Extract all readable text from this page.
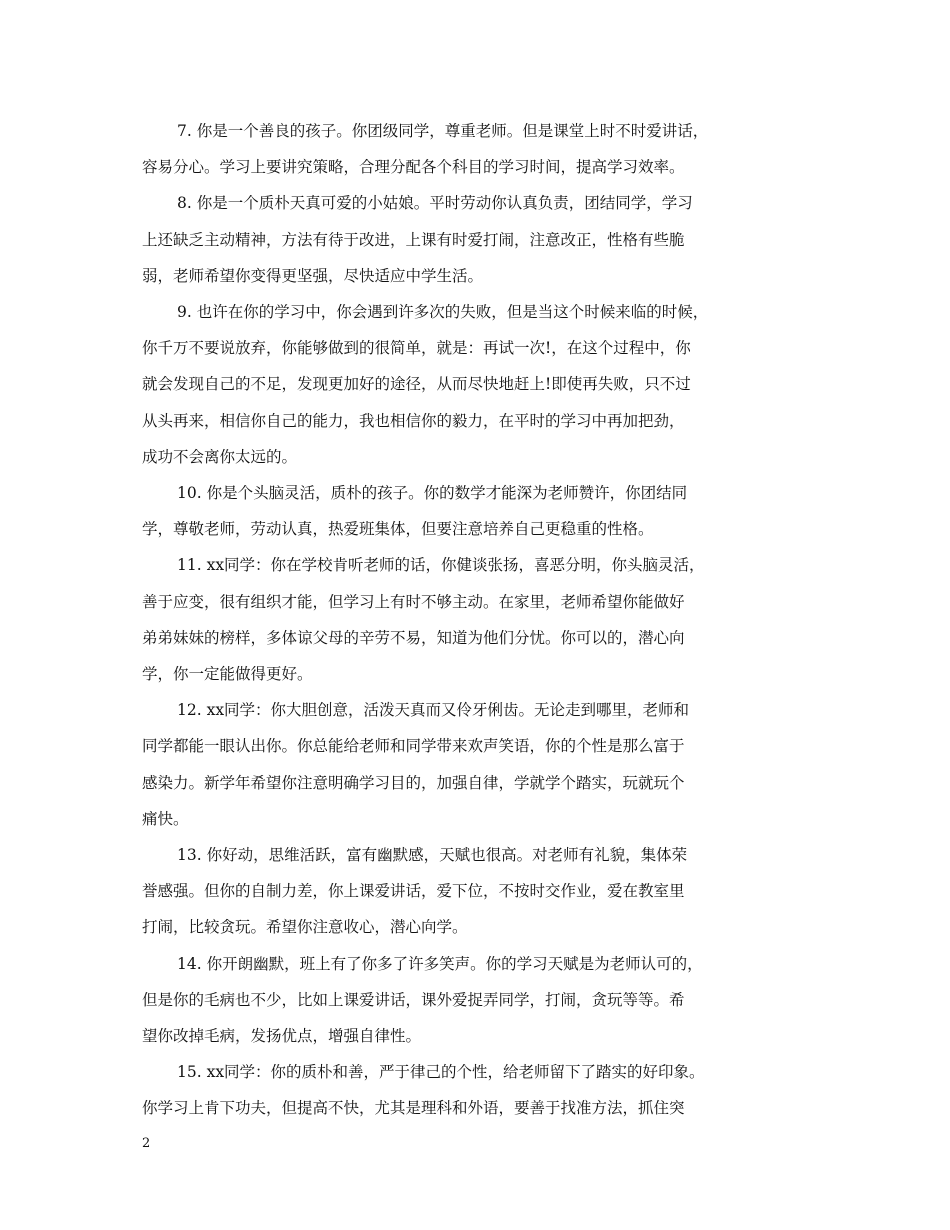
7. 你是一个善良的孩子。你团级同学，尊重老师。但是课堂上时不时爱讲话，
容易分心。学习上要讲究策略，合理分配各个科目的学习时间，提高学习效率。

8. 你是一个质朴天真可爱的小姑娘。平时劳动你认真负责，团结同学，学习
上还缺乏主动精神，方法有待于改进，上课有时爱打闹，注意改正，性格有些脆
弱，老师希望你变得更坚强，尽快适应中学生活。

9. 也许在你的学习中，你会遇到许多次的失败，但是当这个时候来临的时候，
你千万不要说放弃，你能够做到的很简单，就是：再试一次!，在这个过程中，你
就会发现自己的不足，发现更加好的途径，从而尽快地赶上!即使再失败，只不过
从头再来，相信你自己的能力，我也相信你的毅力，在平时的学习中再加把劲，
成功不会离你太远的。

10. 你是个头脑灵活，质朴的孩子。你的数学才能深为老师赞许，你团结同
学，尊敬老师，劳动认真，热爱班集体，但要注意培养自己更稳重的性格。

11. xx同学：你在学校肯听老师的话，你健谈张扬，喜恶分明，你头脑灵活，
善于应变，很有组织才能，但学习上有时不够主动。在家里，老师希望你能做好
弟弟妹妹的榜样，多体谅父母的辛劳不易，知道为他们分忧。你可以的，潜心向
学，你一定能做得更好。

12. xx同学：你大胆创意，活泼天真而又伶牙俐齿。无论走到哪里，老师和
同学都能一眼认出你。你总能给老师和同学带来欢声笑语，你的个性是那么富于
感染力。新学年希望你注意明确学习目的，加强自律，学就学个踏实，玩就玩个
痛快。

13. 你好动，思维活跃，富有幽默感，天赋也很高。对老师有礼貌，集体荣
誉感强。但你的自制力差，你上课爱讲话，爱下位，不按时交作业，爱在教室里
打闹，比较贪玩。希望你注意收心，潜心向学。

14. 你开朗幽默，班上有了你多了许多笑声。你的学习天赋是为老师认可的，
但是你的毛病也不少，比如上课爱讲话，课外爱捉弄同学，打闹，贪玩等等。希
望你改掉毛病，发扬优点，增强自律性。

15. xx同学：你的质朴和善，严于律己的个性，给老师留下了踏实的好印象。
你学习上肯下功夫，但提高不快，尤其是理科和外语，要善于找准方法，抓住突

2
